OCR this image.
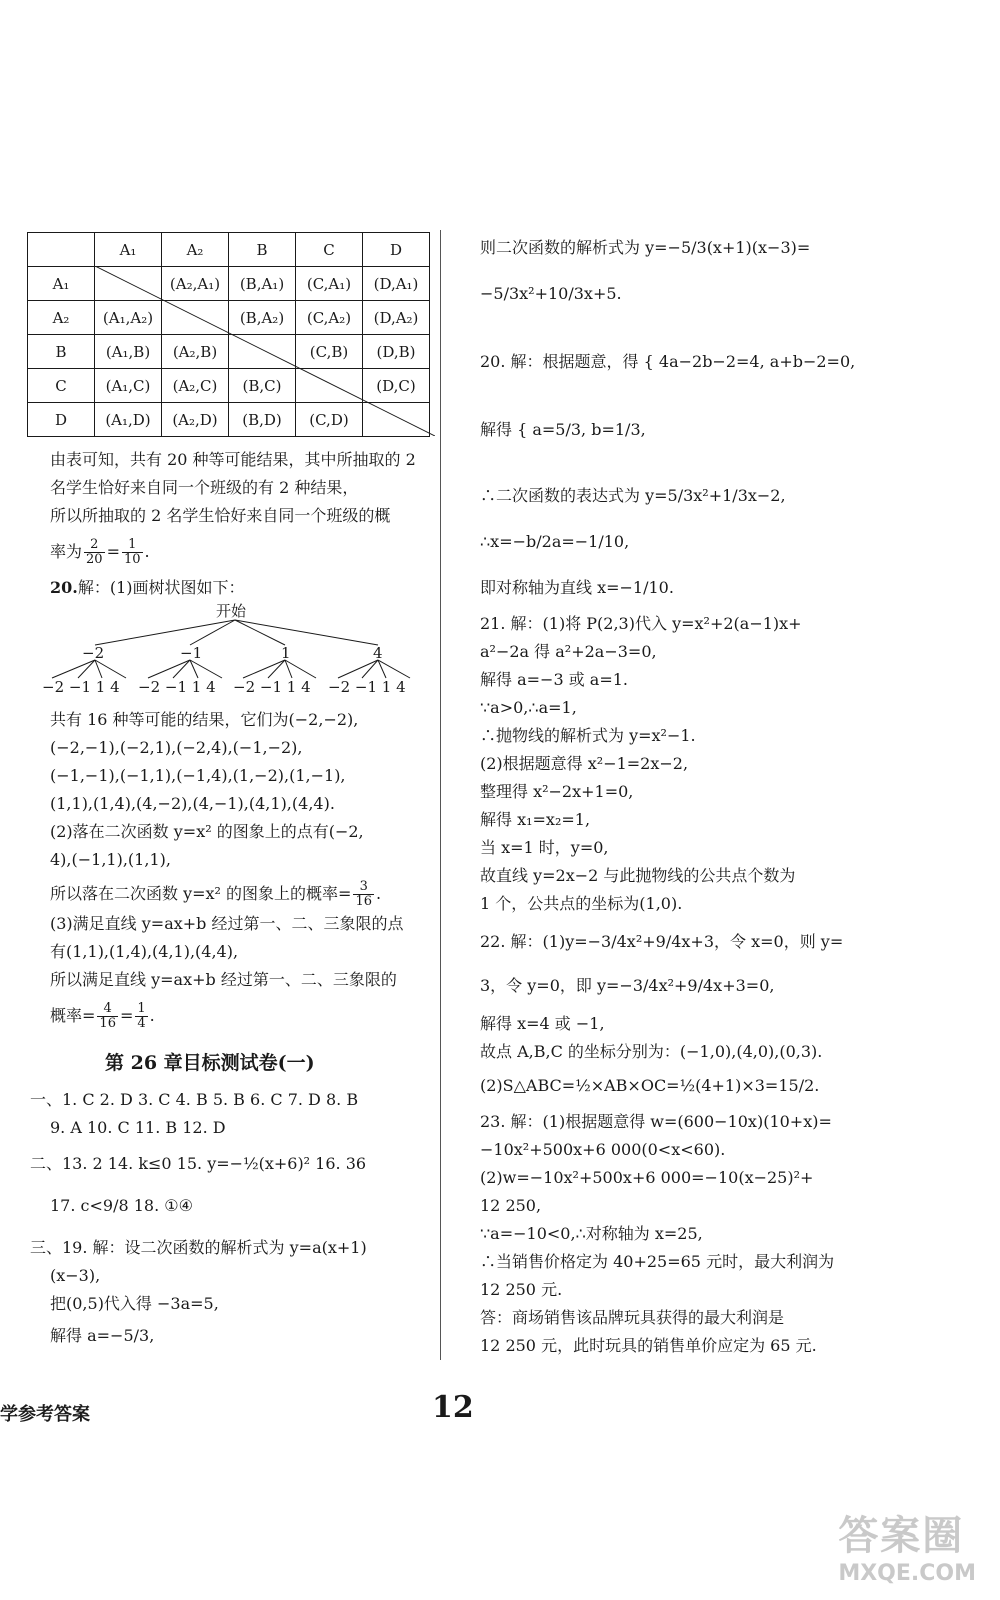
	A₁	A₂	B	C	D
A₁		(A₂,A₁)	(B,A₁)	(C,A₁)	(D,A₁)
A₂	(A₁,A₂)		(B,A₂)	(C,A₂)	(D,A₂)
B	(A₁,B)	(A₂,B)		(C,B)	(D,B)
C	(A₁,C)	(A₂,C)	(B,C)		(D,C)
D	(A₁,D)	(A₂,D)	(B,D)	(C,D)	
由表可知，共有 20 种等可能结果，其中所抽取的 2
名学生恰好来自同一个班级的有 2 种结果，
所以所抽取的 2 名学生恰好来自同一个班级的概
率为 $\frac{2}{20} = \frac{1}{10}$ .
20.解：(1)画树状图如下：
开始
−2	−1	1	4
−2 −1 1 4 −2 −1 1 4 −2 −1 1 4 −2 −1 1 4
共有 16 种等可能的结果，它们为(−2,−2),
(−2,−1),(−2,1),(−2,4),(−1,−2),
(−1,−1),(−1,1),(−1,4),(1,−2),(1,−1),
(1,1),(1,4),(4,−2),(4,−1),(4,1),(4,4).
(2)落在二次函数 y=x² 的图象上的点有(−2,
4),(−1,1),(1,1),
所以落在二次函数 y=x² 的图象上的概率= $\frac{3}{16}$ .
(3)满足直线 y=ax+b 经过第一、二、三象限的点
有(1,1),(1,4),(4,1),(4,4),
所以满足直线 y=ax+b 经过第一、二、三象限的
概率= $\frac{4}{16} = \frac{1}{4}$ .
第 26 章目标测试卷(一)
一、1. C 2. D 3. C 4. B 5. B 6. C 7. D 8. B
9. A 10. C 11. B 12. D
二、13. 2 14. k≤0 15. y=−½(x+6)² 16. 36
17. c<9/8 18. ①④
三、19. 解：设二次函数的解析式为 y=a(x+1)
(x−3),
把(0,5)代入得 −3a=5,
解得 a=−5/3,
则二次函数的解析式为 y=−5/3(x+1)(x−3)=
−5/3x²+10/3x+5.
20. 解：根据题意，得 { 4a−2b−2=4, a+b−2=0,
解得 { a=5/3, b=1/3,
∴二次函数的表达式为 y=5/3x²+1/3x−2,
∴x=−b/2a=−1/10,
即对称轴为直线 x=−1/10.
21. 解：(1)将 P(2,3)代入 y=x²+2(a−1)x+
a²−2a 得 a²+2a−3=0,
解得 a=−3 或 a=1.
∵a>0,∴a=1,
∴抛物线的解析式为 y=x²−1.
(2)根据题意得 x²−1=2x−2,
整理得 x²−2x+1=0,
解得 x₁=x₂=1,
当 x=1 时，y=0,
故直线 y=2x−2 与此抛物线的公共点个数为
1 个，公共点的坐标为(1,0).
22. 解：(1)y=−3/4x²+9/4x+3，令 x=0，则 y=
3，令 y=0，即 y=−3/4x²+9/4x+3=0,
解得 x=4 或 −1,
故点 A,B,C 的坐标分别为：(−1,0),(4,0),(0,3).
(2)S△ABC=½×AB×OC=½(4+1)×3=15/2.
23. 解：(1)根据题意得 w=(600−10x)(10+x)=
−10x²+500x+6 000(0<x<60).
(2)w=−10x²+500x+6 000=−10(x−25)²+
12 250,
∵a=−10<0,∴对称轴为 x=25,
∴当销售价格定为 40+25=65 元时，最大利润为
12 250 元.
答：商场销售该品牌玩具获得的最大利润是
12 250 元，此时玩具的销售单价应定为 65 元.
学参考答案	12
答案圈
MXQE.COM
